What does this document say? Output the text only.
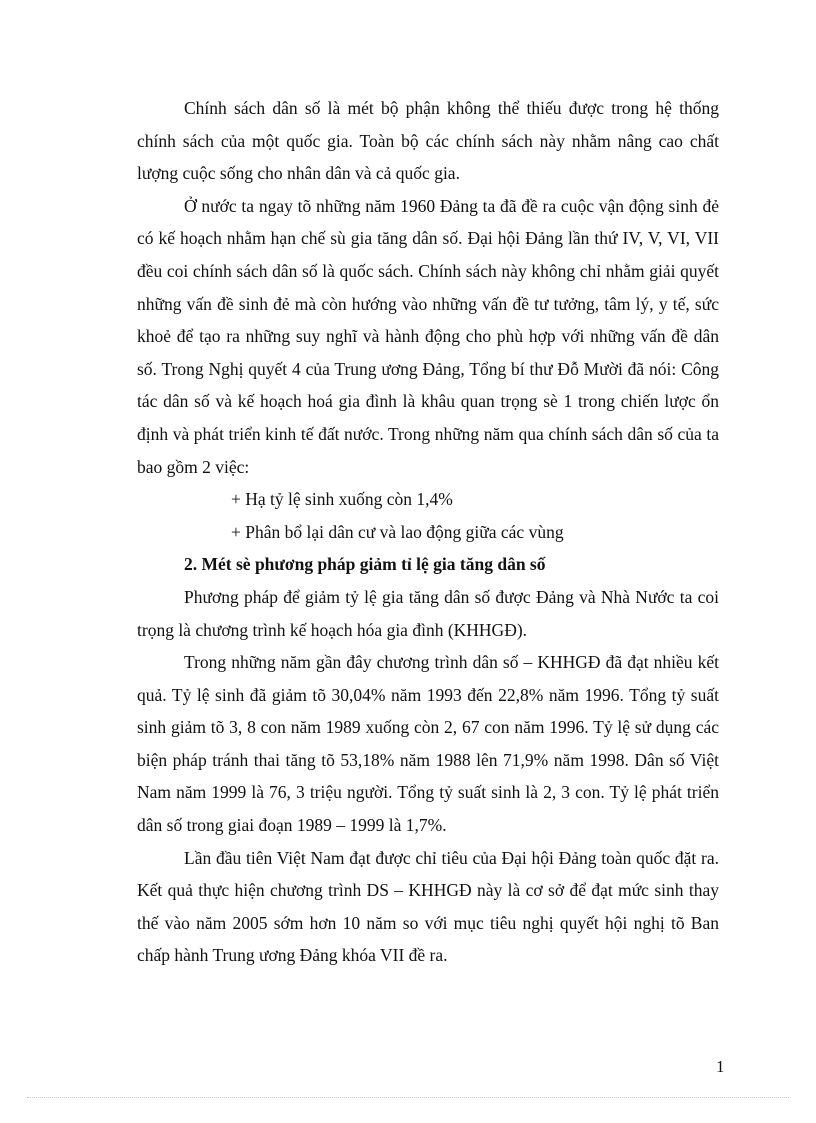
Chính sách dân số là mét bộ phận không thể thiếu được trong hệ thống chính sách của một quốc gia. Toàn bộ các chính sách này nhằm nâng cao chất lượng cuộc sống cho nhân dân và cả quốc gia.

Ở nước ta ngay tõ những năm 1960 Đảng ta đã đề ra cuộc vận động sinh đẻ có kế hoạch nhằm hạn chế sù gia tăng dân số. Đại hội Đảng lần thứ IV, V, VI, VII đều coi chính sách dân số là quốc sách. Chính sách này không chỉ nhằm giải quyết những vấn đề sinh đẻ mà còn hướng vào những vấn đề tư tưởng, tâm lý, y tế, sức khoẻ để tạo ra những suy nghĩ và hành động cho phù hợp với những vấn đề dân số. Trong Nghị quyết 4 của Trung ương Đảng, Tổng bí thư Đỗ Mười đã nói: Công tác dân số và kế hoạch hoá gia đình là khâu quan trọng sè 1 trong chiến lược ổn định và phát triển kinh tế đất nước. Trong những năm qua chính sách dân số của ta bao gồm 2 việc:

+ Hạ tỷ lệ sinh xuống còn 1,4%

+ Phân bổ lại dân cư và lao động giữa các vùng

2. Mét sè phương pháp giảm tỉ lệ gia tăng dân số

Phương pháp để giảm tỷ lệ gia tăng dân số được Đảng và Nhà Nước ta coi trọng là chương trình kế hoạch hóa gia đình (KHHGĐ).

Trong những năm gần đây chương trình dân số – KHHGĐ đã đạt nhiều kết quả. Tỷ lệ sinh đã giảm tõ 30,04% năm 1993 đến 22,8% năm 1996. Tổng tỷ suất sinh giảm tõ 3, 8 con năm 1989 xuống còn 2, 67 con năm 1996. Tỷ lệ sử dụng các biện pháp tránh thai tăng tõ 53,18% năm 1988 lên 71,9% năm 1998. Dân số Việt Nam năm 1999 là 76, 3 triệu người. Tổng tỷ suất sinh là 2, 3 con. Tỷ lệ phát triển dân số trong giai đoạn 1989 – 1999 là 1,7%.

Lần đầu tiên Việt Nam đạt được chỉ tiêu của Đại hội Đảng toàn quốc đặt ra. Kết quả thực hiện chương trình DS – KHHGĐ này là cơ sở để đạt mức sinh thay thế vào năm 2005 sớm hơn 10 năm so với mục tiêu nghị quyết hội nghị tõ Ban chấp hành Trung ương Đảng khóa VII đề ra.

1
